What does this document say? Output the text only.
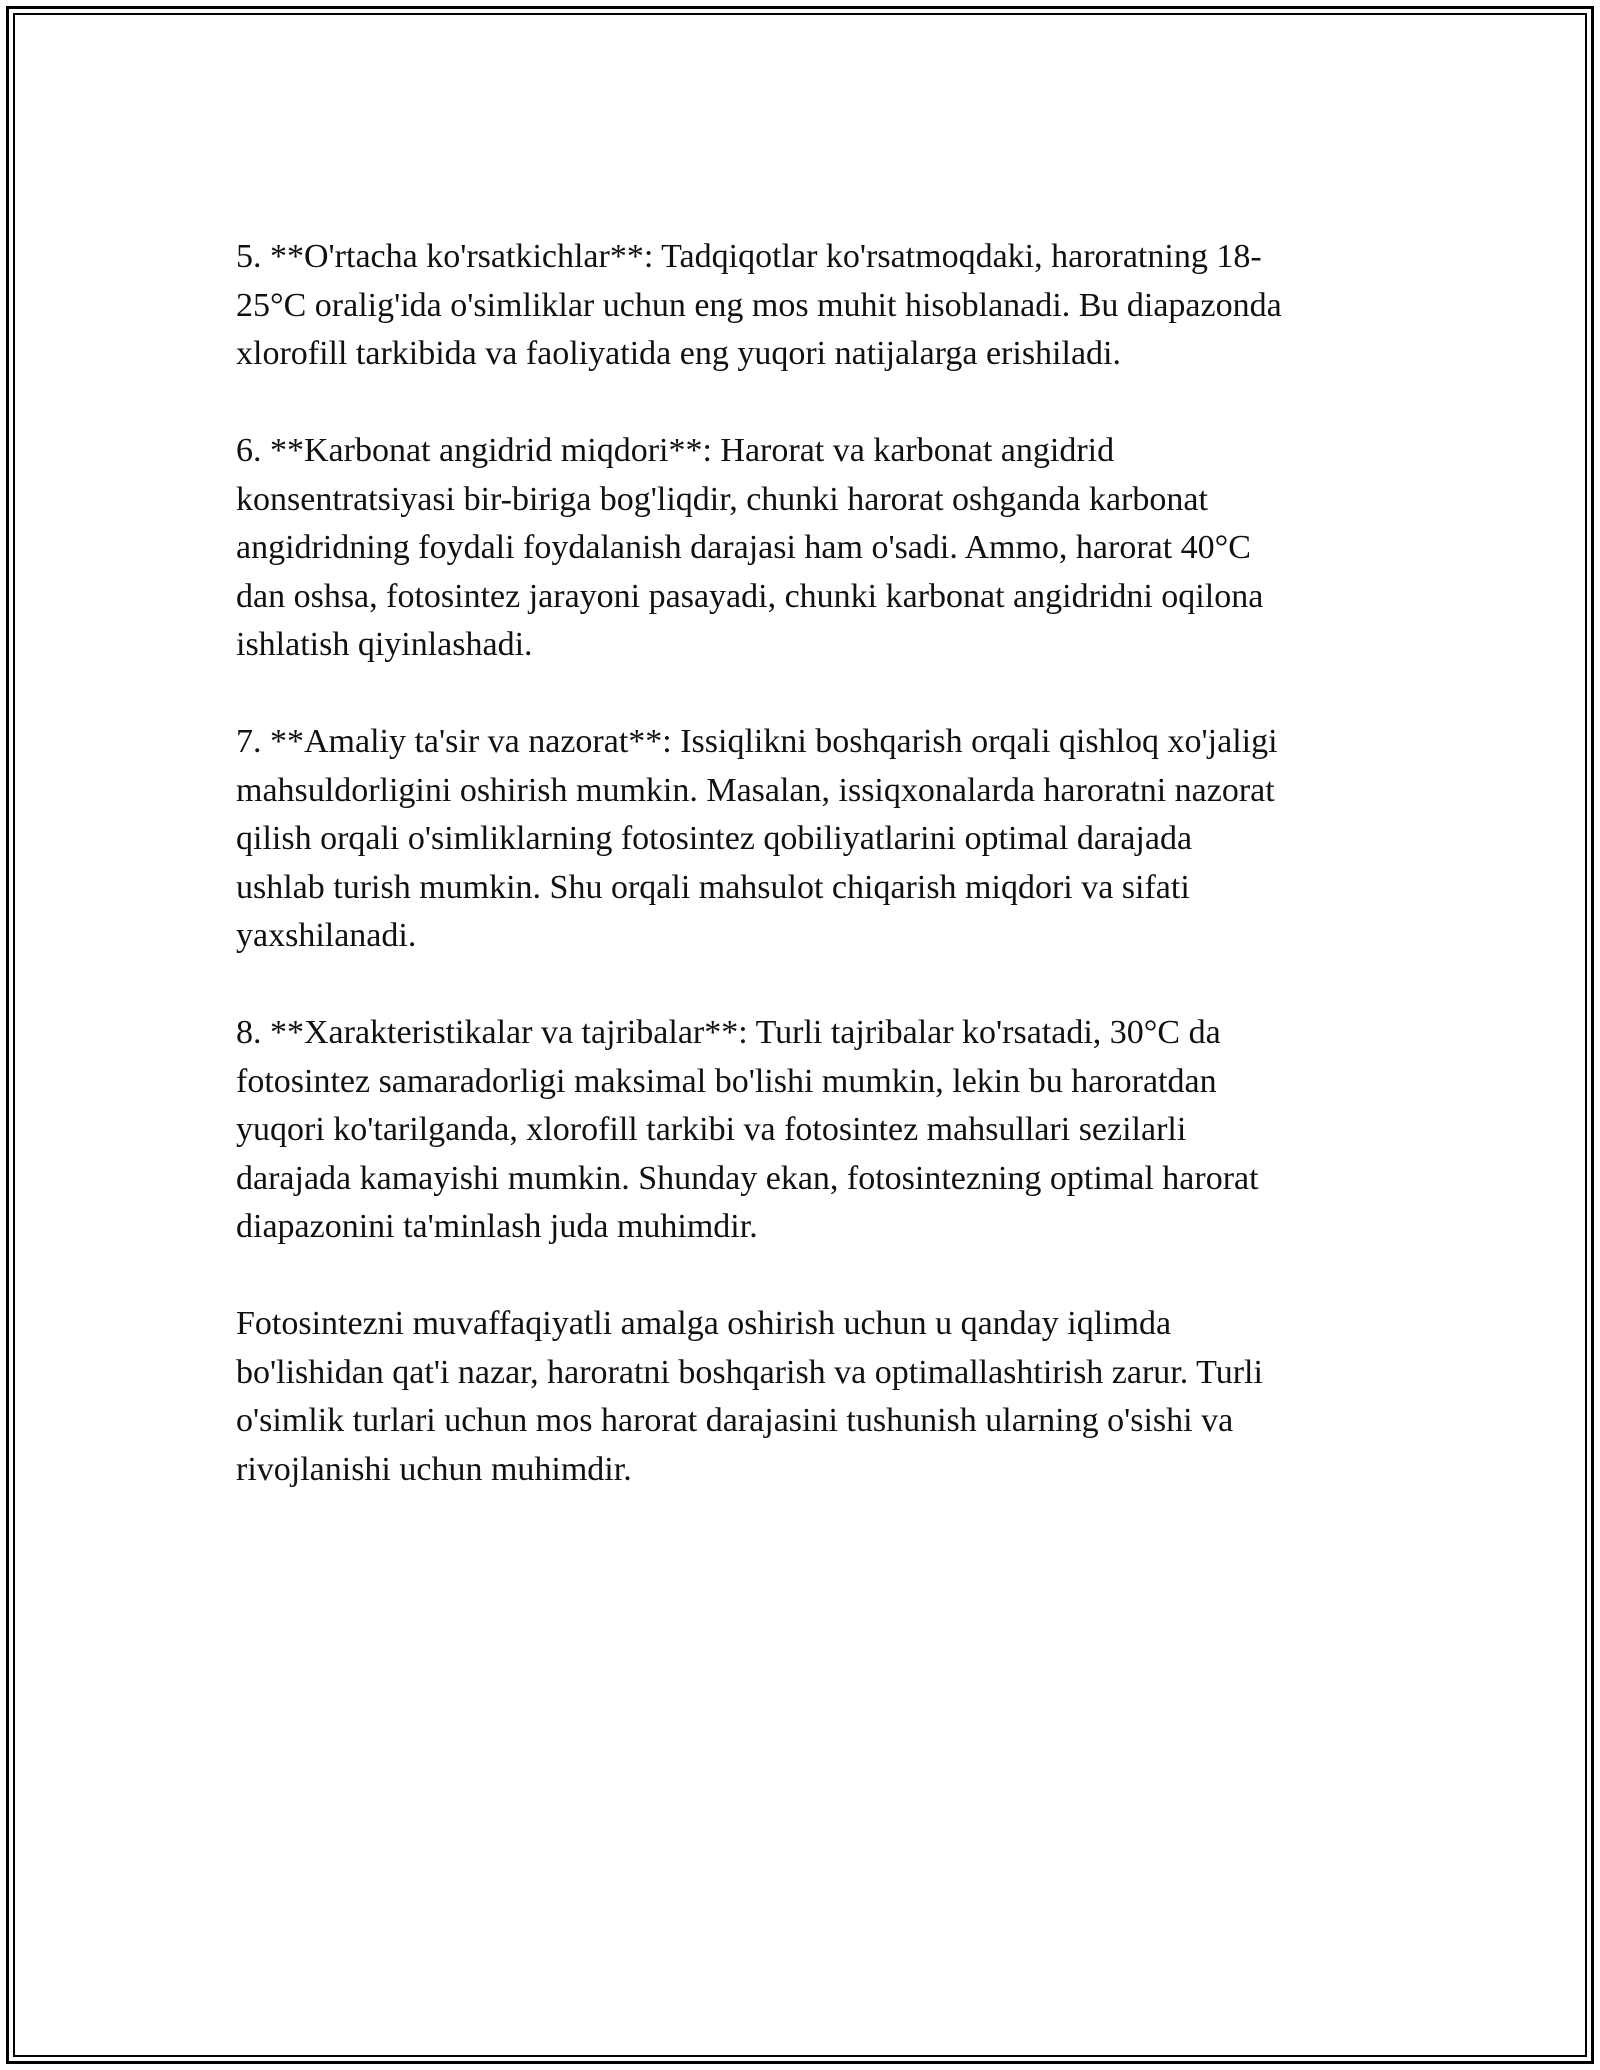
5. **O'rtacha ko'rsatkichlar**: Tadqiqotlar ko'rsatmoqdaki, haroratning 18-
25°C oralig'ida o'simliklar uchun eng mos muhit hisoblanadi. Bu diapazonda
xlorofill tarkibida va faoliyatida eng yuqori natijalarga erishiladi.

6. **Karbonat angidrid miqdori**: Harorat va karbonat angidrid
konsentratsiyasi bir-biriga bog'liqdir, chunki harorat oshganda karbonat
angidridning foydali foydalanish darajasi ham o'sadi. Ammo, harorat 40°C
dan oshsa, fotosintez jarayoni pasayadi, chunki karbonat angidridni oqilona
ishlatish qiyinlashadi.

7. **Amaliy ta'sir va nazorat**: Issiqlikni boshqarish orqali qishloq xo'jaligi
mahsuldorligini oshirish mumkin. Masalan, issiqxonalarda haroratni nazorat
qilish orqali o'simliklarning fotosintez qobiliyatlarini optimal darajada
ushlab turish mumkin. Shu orqali mahsulot chiqarish miqdori va sifati
yaxshilanadi.

8. **Xarakteristikalar va tajribalar**: Turli tajribalar ko'rsatadi, 30°C da
fotosintez samaradorligi maksimal bo'lishi mumkin, lekin bu haroratdan
yuqori ko'tarilganda, xlorofill tarkibi va fotosintez mahsullari sezilarli
darajada kamayishi mumkin. Shunday ekan, fotosintezning optimal harorat
diapazonini ta'minlash juda muhimdir.

Fotosintezni muvaffaqiyatli amalga oshirish uchun u qanday iqlimda
bo'lishidan qat'i nazar, haroratni boshqarish va optimallashtirish zarur. Turli
o'simlik turlari uchun mos harorat darajasini tushunish ularning o'sishi va
rivojlanishi uchun muhimdir.
